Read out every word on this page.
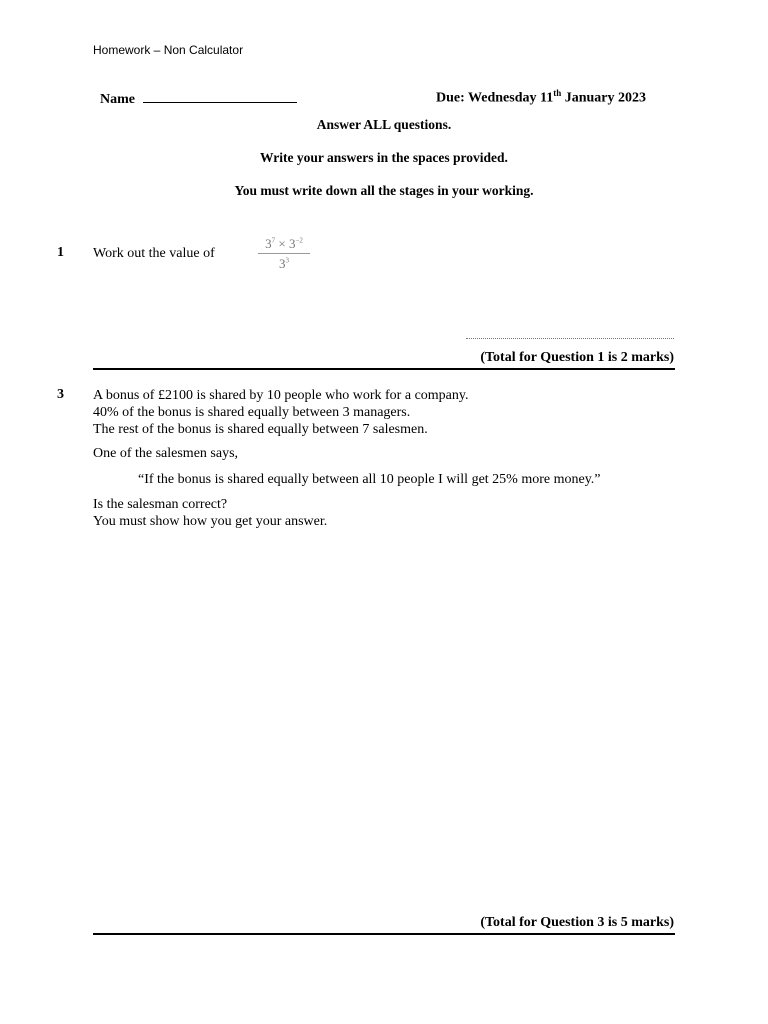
Homework – Non Calculator
Name	Due: Wednesday 11th January 2023
Answer ALL questions.
Write your answers in the spaces provided.
You must write down all the stages in your working.
1 Work out the value of	$\frac{3^7 \times 3^{-2}}{3^3}$
(Total for Question 1 is 2 marks)
3 A bonus of £2100 is shared by 10 people who work for a company.
40% of the bonus is shared equally between 3 managers.
The rest of the bonus is shared equally between 7 salesmen.
One of the salesmen says,
“If the bonus is shared equally between all 10 people I will get 25% more money.”
Is the salesman correct?
You must show how you get your answer.
(Total for Question 3 is 5 marks)
